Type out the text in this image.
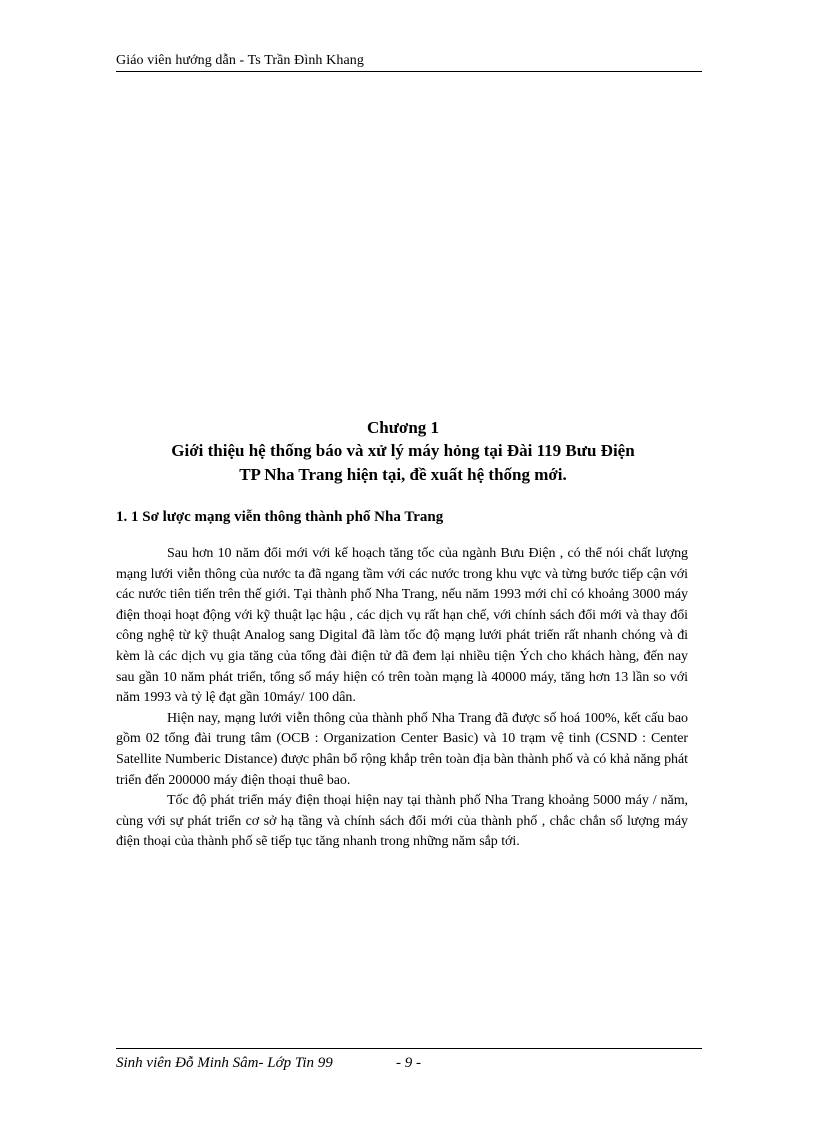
Giáo viên hướng dẫn - Ts Trần Đình Khang
Chương 1
Giới thiệu hệ thống báo và xử lý máy hỏng tại Đài 119 Bưu Điện
TP Nha Trang hiện tại, đề xuất hệ thống mới.
1. 1 Sơ lược mạng viễn thông thành phố Nha Trang

Sau hơn 10 năm đổi mới với kế hoạch tăng tốc của ngành Bưu Điện , có thể nói chất lượng mạng lưới viễn thông của nước ta đã ngang tầm với các nước trong khu vực và từng bước tiếp cận với các nước tiên tiến trên thế giới. Tại thành phố Nha Trang, nếu năm 1993 mới chỉ có khoảng 3000 máy điện thoại hoạt động với kỹ thuật lạc hậu , các dịch vụ rất hạn chế, với chính sách đổi mới và thay đổi công nghệ từ kỹ thuật Analog sang Digital đã làm tốc độ mạng lưới phát triển rất nhanh chóng và đi kèm là các dịch vụ gia tăng của tổng đài điện tử đã đem lại nhiều tiện Ých cho khách hàng, đến nay sau gần 10 năm phát triển, tổng số máy hiện có trên toàn mạng là 40000 máy, tăng hơn 13 lần so với năm 1993 và tỷ lệ đạt gần 10máy/ 100 dân.

Hiện nay, mạng lưới viễn thông của thành phố Nha Trang đã được số hoá 100%, kết cấu bao gồm 02 tổng đài trung tâm (OCB : Organization Center Basic) và 10 trạm vệ tinh (CSND : Center Satellite Numberic Distance) được phân bổ rộng khắp trên toàn địa bàn thành phố và có khả năng phát triển đến 200000 máy điện thoại thuê bao.

Tốc độ phát triển máy điện thoại hiện nay tại thành phố Nha Trang khoảng 5000 máy / năm, cùng với sự phát triển cơ sở hạ tầng và chính sách đổi mới của thành phố , chắc chắn số lượng máy điện thoại của thành phố sẽ tiếp tục tăng nhanh trong những năm sắp tới.

Sinh viên Đỗ Minh Sâm- Lớp Tin 99	- 9 -
